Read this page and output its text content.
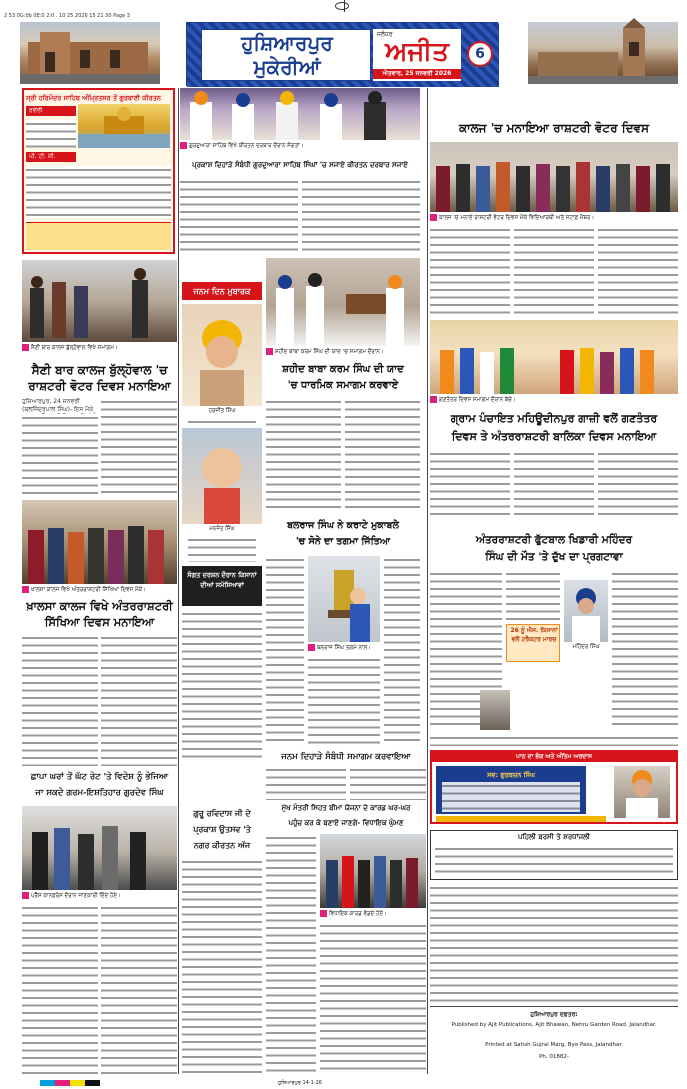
2 53 0G:0b 0E:0 2:0 . 10 25 2026 15 21 30 Page 3
ਹੁਸ਼ਿਆਰਪੁਰ
ਮੁਕੇਰੀਆਂ
ਜਲੰਧਰ
ਅਜੀਤ
ਐਤਵਾਰ, 25 ਜਨਵਰੀ 2026
6
ਸ੍ਰੀ ਹਰਿਮੰਦਰ ਸਾਹਿਬ ਅੰਮ੍ਰਿਤਸਰ ਤੋਂ ਗੁਰਬਾਣੀ ਕੀਰਤਨ
ਰਵੇਲੀ
ਪੀ. ਟੀ. ਸੀ.
ਸੈਣੀ ਬਾਰ ਕਾਲਜ ਬੁੱਲ੍ਹੋਵਾਲ ਵਿਖੇ ਸਮਾਗਮ।
ਸੈਣੀ ਬਾਰ ਕਾਲਜ ਬੁੱਲ੍ਹੋਵਾਲ 'ਚ
ਰਾਸ਼ਟਰੀ ਵੋਟਰ ਦਿਵਸ ਮਨਾਇਆ
ਹੁਸ਼ਿਆਰਪੁਰ, 24 ਜਨਵਰੀ (ਬਲਜਿੰਦਰਪਾਲ ਸਿੰਘ)- ਇਸ ਮੌਕੇ
ਖ਼ਾਲਸਾ ਕਾਲਜ ਵਿਖੇ ਅੰਤਰਰਾਸ਼ਟਰੀ ਸਿੱਖਿਆ ਦਿਵਸ ਮੌਕੇ।
ਖ਼ਾਲਸਾ ਕਾਲਜ ਵਿਖੇ ਅੰਤਰਰਾਸ਼ਟਰੀ
ਸਿੱਖਿਆ ਦਿਵਸ ਮਨਾਇਆ
ਛਾਪਾ ਘਰਾਂ ਤੋਂ ਘੱਟ ਰੇਟ 'ਤੇ ਵਿਦੇਸ਼ ਨੂੰ ਭੇਜਿਆ
ਜਾ ਸਕਦੇ ਗਰਮ-ਇਸ਼ਤਿਹਾਰ ਗੁਰਦੇਵ ਸਿੰਘ
ਪ੍ਰੈੱਸ ਕਾਨਫ਼ਰੰਸ ਦੌਰਾਨ ਜਾਣਕਾਰੀ ਦਿੰਦੇ ਹੋਏ।
ਗੁਰਦੁਆਰਾ ਸਾਹਿਬ ਵਿਖੇ ਕੀਰਤਨ ਦਰਬਾਰ ਦੌਰਾਨ ਸੰਗਤਾਂ।
ਪ੍ਰਕਾਸ਼ ਦਿਹਾੜੇ ਸੰਬੰਧੀ ਗੁਰਦੁਆਰਾ ਸਾਹਿਬ ਸਿੰਘਾਂ 'ਚ ਸਜਾਏ ਕੀਰਤਨ ਦਰਬਾਰ ਸਜਾਏ
ਜਨਮ ਦਿਨ ਮੁਬਾਰਕ
ਹਰਜੀਤ ਸਿੰਘ
ਮਨਜੋਤ ਸਿੰਘ
ਸੰਗਤ ਦਰਸ਼ਨ ਦੌਰਾਨ ਕਿਸਾਨਾਂ ਦੀਆਂ ਸਮੱਸਿਆਵਾਂ
ਗੁਰੂ ਰਵਿਦਾਸ ਜੀ ਦੇ
ਪ੍ਰਕਾਸ਼ ਉਤਸਵ 'ਤੇ
ਨਗਰ ਕੀਰਤਨ ਅੱਜ
ਸ਼ਹੀਦ ਬਾਬਾ ਕਰਮ ਸਿੰਘ ਦੀ ਯਾਦ 'ਚ ਸਮਾਗਮ ਦੌਰਾਨ।
ਸ਼ਹੀਦ ਬਾਬਾ ਕਰਮ ਸਿੰਘ ਦੀ ਯਾਦ
'ਚ ਧਾਰਮਿਕ ਸਮਾਗਮ ਕਰਵਾਏ
ਬਲਰਾਜ ਸਿੰਘ ਨੇ ਕਰਾਟੇ ਮੁਕਾਬਲੇ
'ਚ ਸੋਨੇ ਦਾ ਤਗਮਾ ਜਿੱਤਿਆ
ਬਲਰਾਜ ਸਿੰਘ ਤਗਮੇ ਨਾਲ।
ਜਨਮ ਦਿਹਾੜੇ ਸੰਬੰਧੀ ਸਮਾਗਮ ਕਰਵਾਇਆ
ਕਾਲਜ 'ਚ ਮਨਾਇਆ ਰਾਸ਼ਟਰੀ ਵੋਟਰ ਦਿਵਸ
ਕਾਲਜ 'ਚ ਮਨਾਏ ਰਾਸ਼ਟਰੀ ਵੋਟਰ ਦਿਵਸ ਮੌਕੇ ਵਿਦਿਆਰਥੀ ਅਤੇ ਸਟਾਫ਼ ਮੈਂਬਰ।
ਗਣਤੰਤਰ ਦਿਵਸ ਸਮਾਗਮ ਦੌਰਾਨ ਬੱਚੇ।
ਗ੍ਰਾਮ ਪੰਚਾਇਤ ਮਹਿਊਦੀਨਪੁਰ ਗਾਜ਼ੀ ਵਲੋਂ ਗਣਤੰਤਰ
ਦਿਵਸ ਤੇ ਅੰਤਰਰਾਸ਼ਟਰੀ ਬਾਲਿਕਾ ਦਿਵਸ ਮਨਾਇਆ
ਅੰਤਰਰਾਸ਼ਟਰੀ ਫੁੱਟਬਾਲ ਖਿਡਾਰੀ ਮਹਿੰਦਰ
ਸਿੰਘ ਦੀ ਮੌਤ 'ਤੇ ਦੁੱਖ ਦਾ ਪ੍ਰਗਟਾਵਾ
ਮਹਿੰਦਰ ਸਿੰਘ
26 ਨੂੰ ਐਸ. ਕਿਸਾਨਾਂ ਵਲੋਂ ਟਰੈਕਟਰ ਮਾਰਚ
ਪਾਠ ਦਾ ਭੋਗ ਅਤੇ ਅੰਤਿਮ ਅਰਦਾਸ
ਸਵ: ਗੁਰਬਚਨ ਸਿੰਘ
ਪਹਿਲੀ ਬਰਸੀ ਤੇ ਸ਼ਰਧਾਂਜਲੀ
ਹੁਸ਼ਿਆਰਪੁਰ ਦਫ਼ਤਰ:
Published by Ajit Publications, Ajit Bhawan, Nehru Garden Road, Jalandhar.
Printed at Satish Gujral Marg, Bye Pass, Jalandhar.
Ph. 01882-
ਮੁੱਖ ਮੰਤਰੀ ਸਿਹਤ ਬੀਮਾ ਯੋਜਨਾ ਦੇ ਕਾਰਡ ਘਰ-ਘਰ
ਪਹੁੰਚ ਕਰ ਕੇ ਬਣਾਏ ਜਾਣਗੇ- ਵਿਧਾਇਕ ਘੁੰਮਣ
ਵਿਧਾਇਕ ਕਾਰਡ ਵੰਡਦੇ ਹੋਏ।
ਹੁਸ਼ਿਆਰਪੁਰ 14-1-26
